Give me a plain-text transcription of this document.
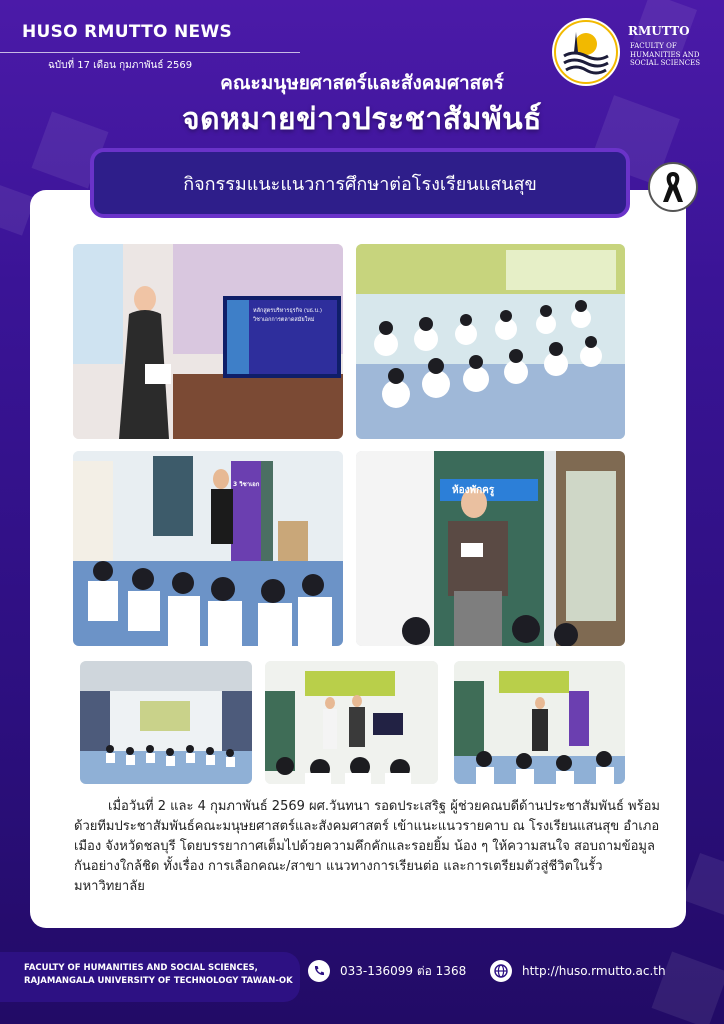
HUSO RMUTTO NEWS
ฉบับที่ 17 เดือน กุมภาพันธ์ 2569
RMUTTO
FACULTY OF HUMANITIES AND SOCIAL SCIENCES
คณะมนุษยศาสตร์และสังคมศาสตร์
จดหมายข่าวประชาสัมพันธ์
กิจกรรมแนะแนวการศึกษาต่อโรงเรียนแสนสุข
หลักสูตรบริหารธุรกิจ (บธ.บ.)
วิชาเอกการตลาดสมัยใหม่
3 วิชาเอก
ห้องพักครู
เมื่อวันที่ 2 และ 4 กุมภาพันธ์ 2569 ผศ.วันทนา รอดประเสริฐ ผู้ช่วยคณบดีด้านประชาสัมพันธ์ พร้อมด้วยทีมประชาสัมพันธ์คณะมนุษยศาสตร์และสังคมศาสตร์ เข้าแนะแนวรายคาบ ณ โรงเรียนแสนสุข อำเภอเมือง จังหวัดชลบุรี โดยบรรยากาศเต็มไปด้วยความคึกคักและรอยยิ้ม น้อง ๆ ให้ความสนใจ สอบถามข้อมูลกันอย่างใกล้ชิด ทั้งเรื่อง การเลือกคณะ/สาขา แนวทางการเรียนต่อ และการเตรียมตัวสู่ชีวิตในรั้วมหาวิทยาลัย
FACULTY OF HUMANITIES AND SOCIAL SCIENCES,
RAJAMANGALA UNIVERSITY OF TECHNOLOGY TAWAN-OK
033-136099 ต่อ 1368	http://huso.rmutto.ac.th
